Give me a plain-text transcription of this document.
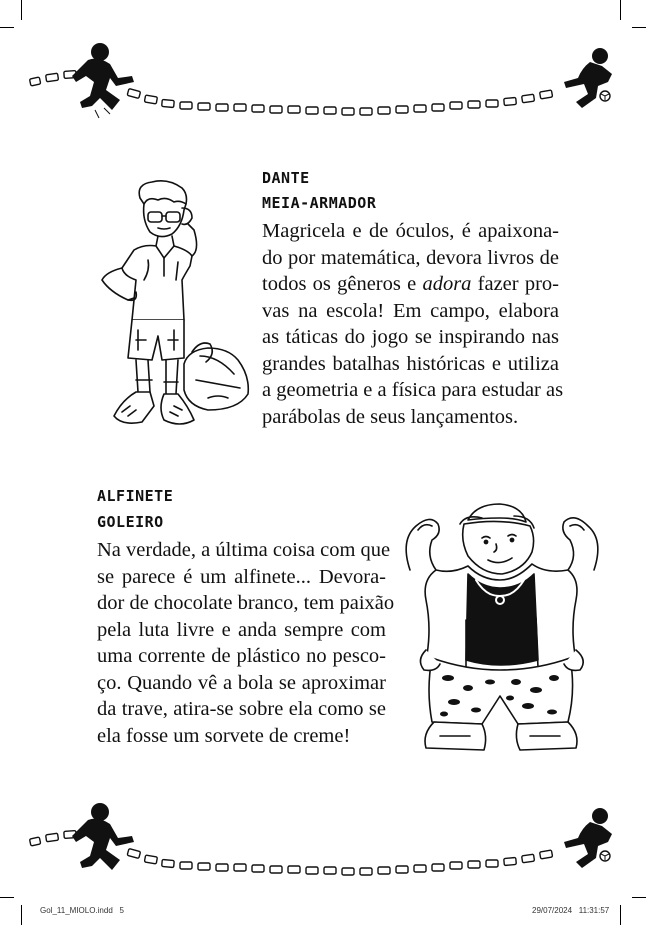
DANTE
MEIA-ARMADOR
Magricela e de óculos, é apaixona-
do por matemática, devora livros de
todos os gêneros e adora fazer pro-
vas na escola! Em campo, elabora
as táticas do jogo se inspirando nas
grandes batalhas históricas e utiliza
a geometria e a física para estudar as
parábolas de seus lançamentos.
ALFINETE
GOLEIRO
Na verdade, a última coisa com que
se parece é um alfinete... Devora-
dor de chocolate branco, tem paixão
pela luta livre e anda sempre com
uma corrente de plástico no pesco-
ço. Quando vê a bola se aproximar
da trave, atira-se sobre ela como se
ela fosse um sorvete de creme!
Gol_11_MIOLO.indd   5	29/07/2024   11:31:57
